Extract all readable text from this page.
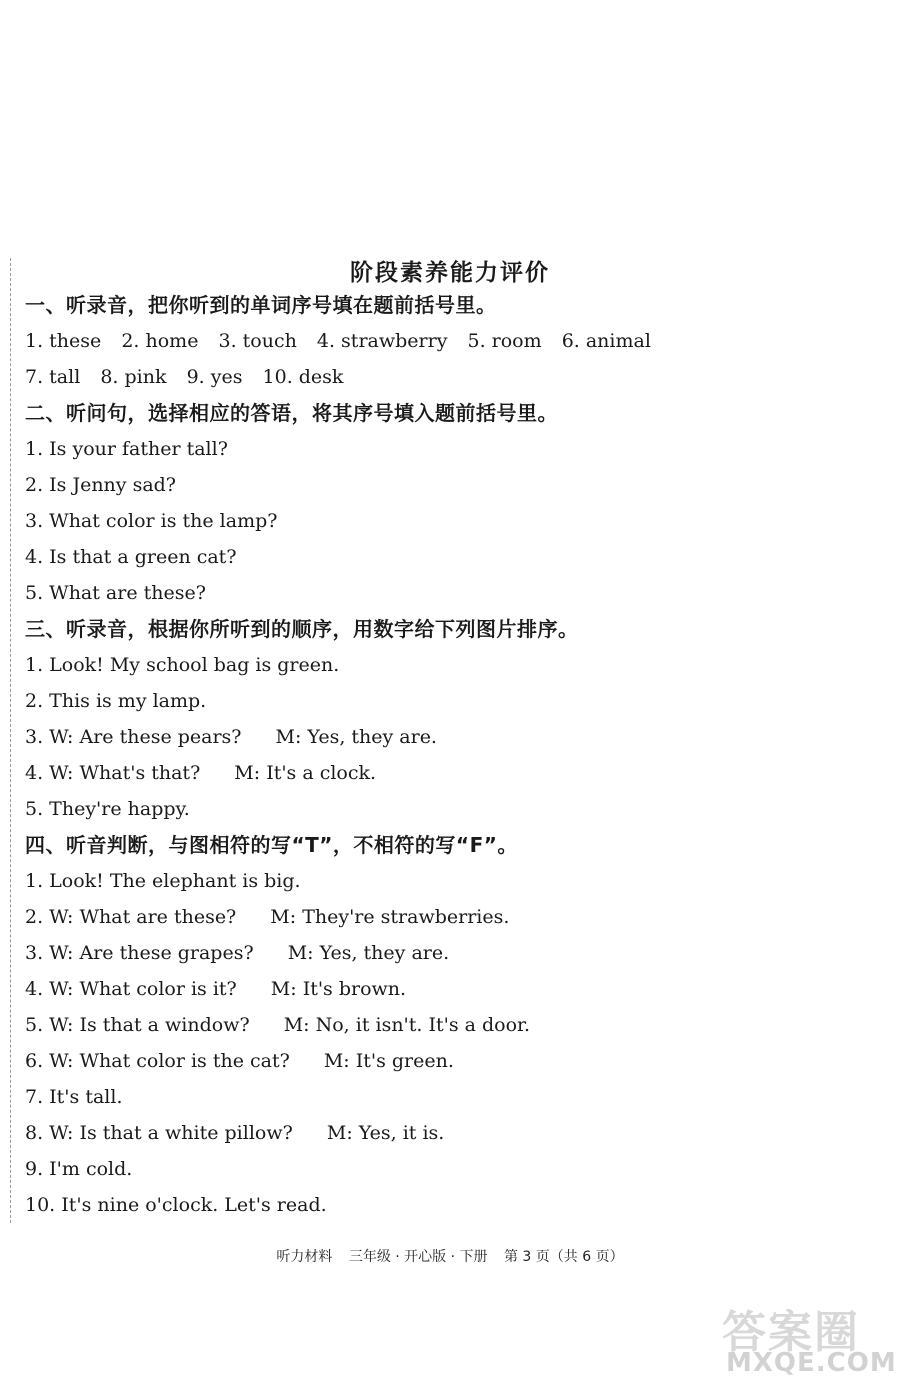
阶段素养能力评价
一、听录音，把你听到的单词序号填在题前括号里。
1. these 2. home 3. touch 4. strawberry 5. room 6. animal
7. tall 8. pink 9. yes 10. desk
二、听问句，选择相应的答语，将其序号填入题前括号里。
1. Is your father tall?
2. Is Jenny sad?
3. What color is the lamp?
4. Is that a green cat?
5. What are these?
三、听录音，根据你所听到的顺序，用数字给下列图片排序。
1. Look! My school bag is green.
2. This is my lamp.
3. W: Are these pears? M: Yes, they are.
4. W: What's that? M: It's a clock.
5. They're happy.
四、听音判断，与图相符的写“T”，不相符的写“F”。
1. Look! The elephant is big.
2. W: What are these? M: They're strawberries.
3. W: Are these grapes? M: Yes, they are.
4. W: What color is it? M: It's brown.
5. W: Is that a window? M: No, it isn't. It's a door.
6. W: What color is the cat? M: It's green.
7. It's tall.
8. W: Is that a white pillow? M: Yes, it is.
9. I'm cold.
10. It's nine o'clock. Let's read.
听力材料 三年级 · 开心版 · 下册 第 3 页（共 6 页）
答案圈
MXQE.COM
